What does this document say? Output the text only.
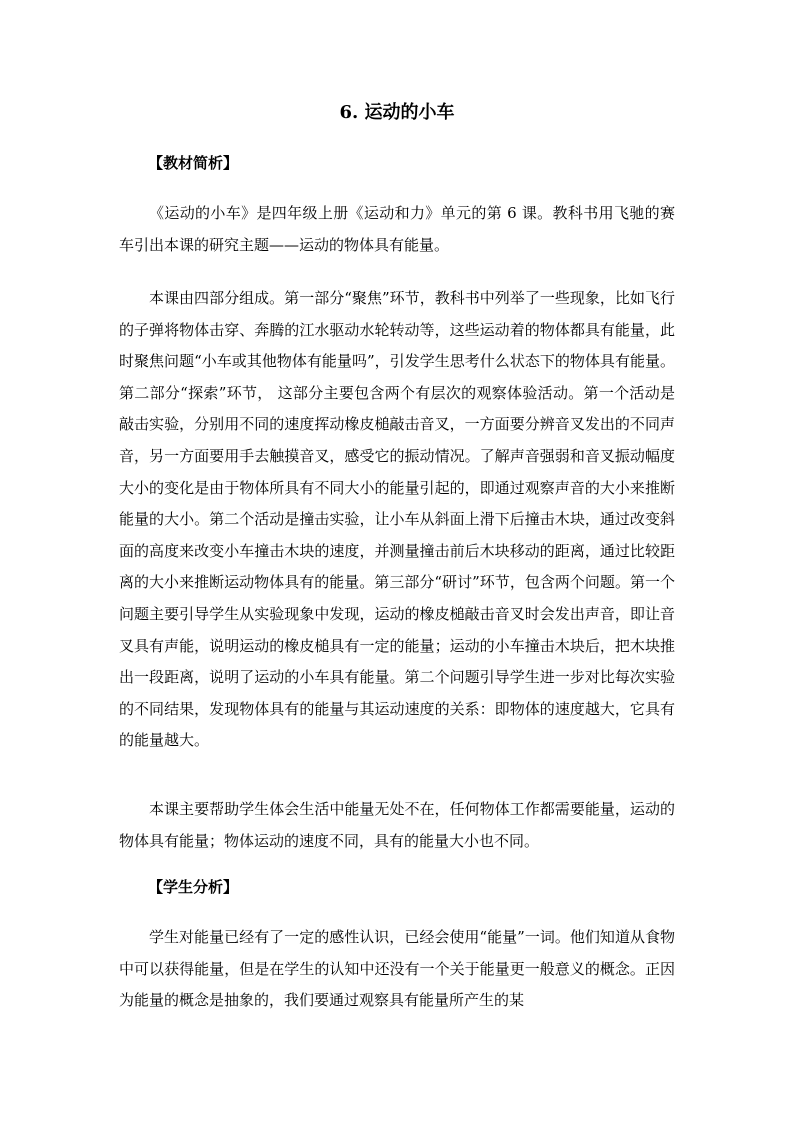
6. 运动的小车
【教材简析】
《运动的小车》是四年级上册《运动和力》单元的第 6 课。教科书用飞驰的赛车引出本课的研究主题——运动的物体具有能量。
本课由四部分组成。第一部分“聚焦”环节，教科书中列举了一些现象，比如飞行的子弹将物体击穿、奔腾的江水驱动水轮转动等，这些运动着的物体都具有能量，此时聚焦问题“小车或其他物体有能量吗”，引发学生思考什么状态下的物体具有能量。第二部分“探索”环节， 这部分主要包含两个有层次的观察体验活动。第一个活动是敲击实验，分别用不同的速度挥动橡皮槌敲击音叉，一方面要分辨音叉发出的不同声音，另一方面要用手去触摸音叉，感受它的振动情况。了解声音强弱和音叉振动幅度大小的变化是由于物体所具有不同大小的能量引起的，即通过观察声音的大小来推断能量的大小。第二个活动是撞击实验，让小车从斜面上滑下后撞击木块，通过改变斜面的高度来改变小车撞击木块的速度，并测量撞击前后木块移动的距离，通过比较距离的大小来推断运动物体具有的能量。第三部分“研讨”环节，包含两个问题。第一个问题主要引导学生从实验现象中发现，运动的橡皮槌敲击音叉时会发出声音，即让音叉具有声能，说明运动的橡皮槌具有一定的能量；运动的小车撞击木块后，把木块推出一段距离，说明了运动的小车具有能量。第二个问题引导学生进一步对比每次实验的不同结果，发现物体具有的能量与其运动速度的关系：即物体的速度越大，它具有的能量越大。
本课主要帮助学生体会生活中能量无处不在，任何物体工作都需要能量，运动的物体具有能量；物体运动的速度不同，具有的能量大小也不同。
【学生分析】
学生对能量已经有了一定的感性认识，已经会使用“能量”一词。他们知道从食物中可以获得能量，但是在学生的认知中还没有一个关于能量更一般意义的概念。正因为能量的概念是抽象的，我们要通过观察具有能量所产生的某
